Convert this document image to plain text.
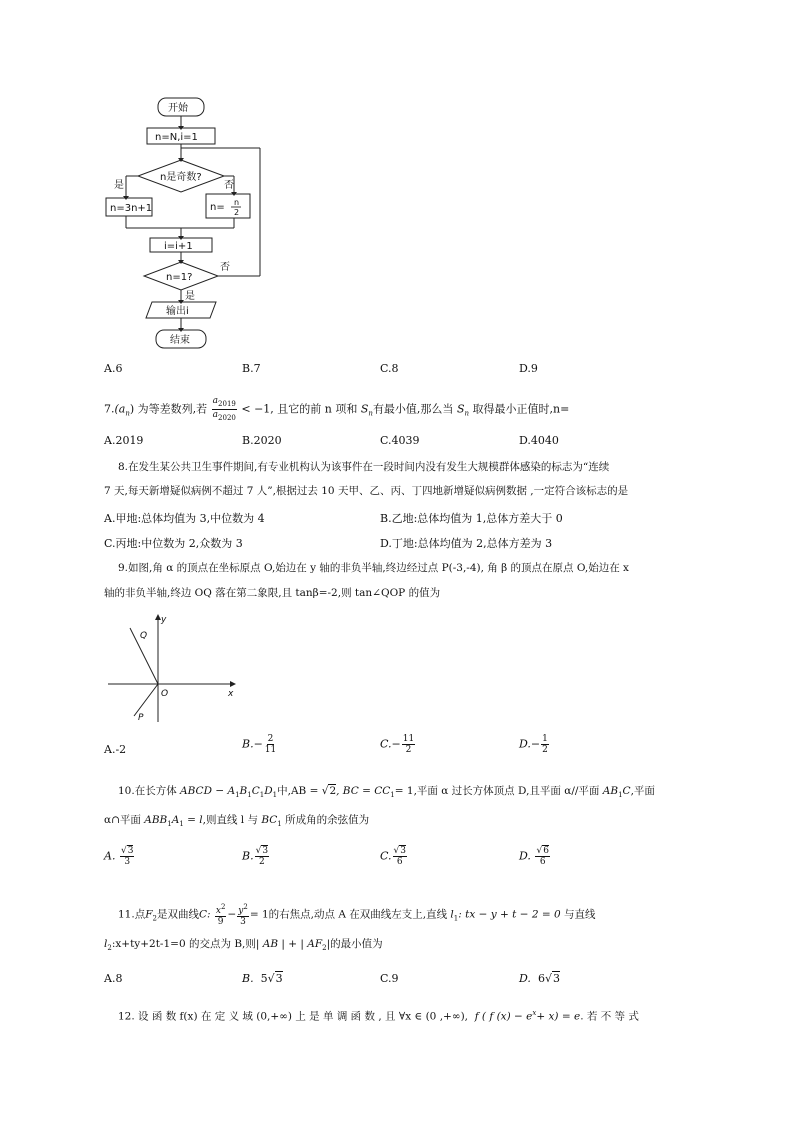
开始
n=N,i=1
n是奇数?
是	否
n=3n+1	n= n
2
i=i+1
n=1?
否
是
输出i
结束
A.6	B.7	C.8	D.9
$7.(a_n)$ 为等差数列,若 $\frac{a_{2019}}{a_{2020}} < -1$, 且它的前 n 项和 $S_n$有最小值,那么当 $S_n$ 取得最小正值时,n=
A.2019	B.2020	C.4039	D.4040
8.在发生某公共卫生事件期间,有专业机构认为该事件在一段时间内没有发生大规模群体感染的标志为“连续
7 天,每天新增疑似病例不超过 7 人”,根据过去 10 天甲、乙、丙、丁四地新增疑似病例数据 ,一定符合该标志的是
A.甲地:总体均值为 3,中位数为 4	B.乙地:总体均值为 1,总体方差大于 0
C.丙地:中位数为 2,众数为 3	D.丁地:总体均值为 2,总体方差为 3
9.如图,角 α 的顶点在坐标原点 O,始边在 y 轴的非负半轴,终边经过点 P(-3,-4), 角 β 的顶点在原点 O,始边在 x
轴的非负半轴,终边 OQ 落在第二象限,且 tanβ=-2,则 tan∠QOP 的值为
Q
y
O	x
P
A.-2	$B.- \frac{2}{11}$	$C.- \frac{11}{2}$	$D.- \frac{1}{2}$
10.在长方体 ABCD − $A_1B_1C_1D_1$中,AB = √2, BC = $CC_1= 1$,平面 α 过长方体顶点 D,且平面 α//平面 $AB_1C$,平面
α∩平面 $ABB_1A_1 = l$,则直线 l 与 $BC_1$ 所成角的余弦值为
A. $\frac{√3}{3}$	B. $\frac{√3}{2}$	C. $\frac{√3}{6}$	D. $\frac{√6}{6}$
11.点$F_2$是双曲线C: $\frac{x^2}{9} - \frac{y^2}{3} = 1$的右焦点,动点 A 在双曲线左支上,直线 $l_1$: tx − y + t − 2 = 0 与直线
$l_2:x+ty+2t-1=0$ 的交点为 B,则| AB | + | $AF_2|$的最小值为
A.8	B. 5√3	C.9	D. 6√3
12. 设 函 数 f(x) 在 定 义 域 (0,+∞) 上 是 单 调 函 数 , 且 ∀x ∈ (0 ,+∞), f ( f $(x) - e^x+ x) = e$. 若 不 等 式
